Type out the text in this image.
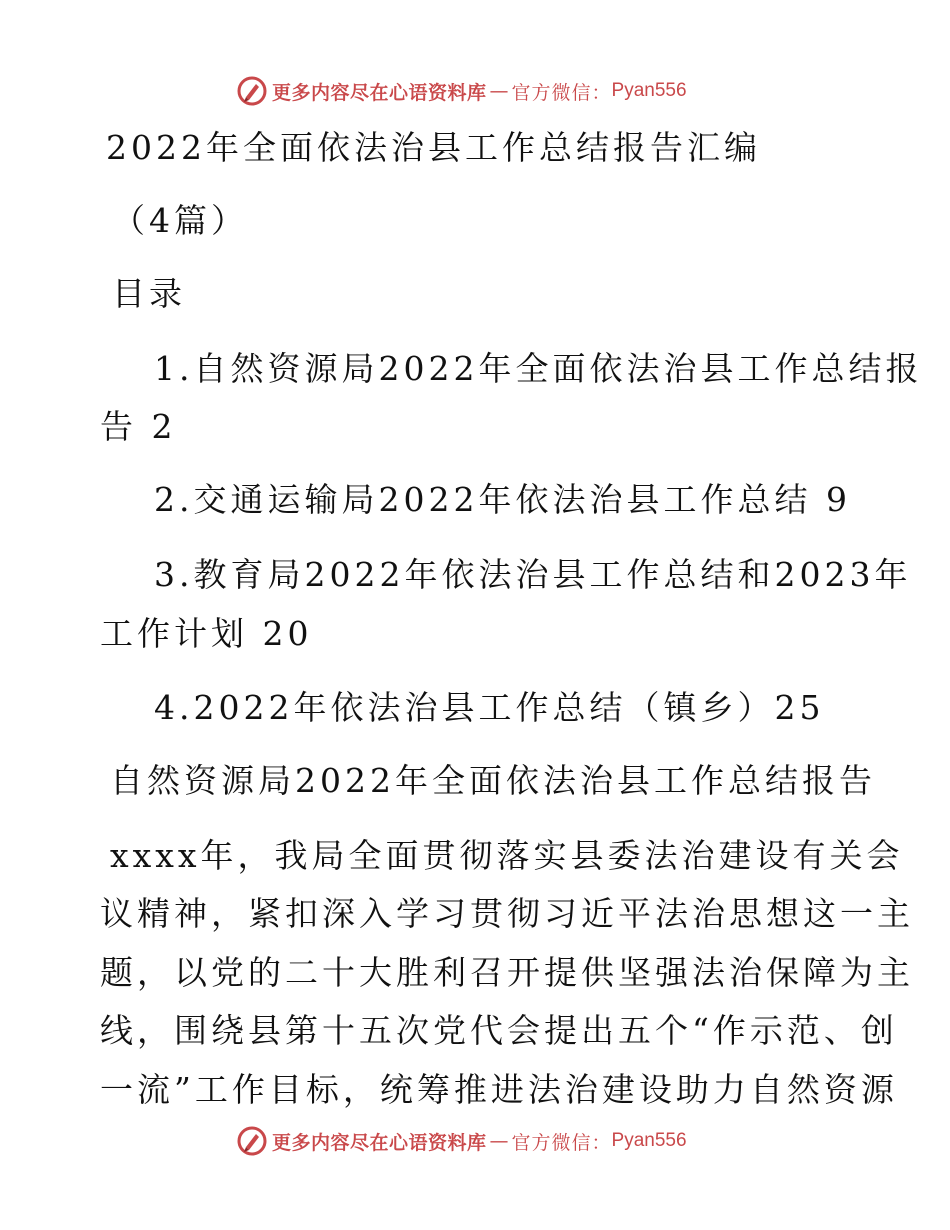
更多内容尽在心语资料库 — 官方微信： Pyan556
2022年全面依法治县工作总结报告汇编
（4篇）
目录
1.自然资源局2022年全面依法治县工作总结报
告 2
2.交通运输局2022年依法治县工作总结 9
3.教育局2022年依法治县工作总结和2023年
工作计划 20
4.2022年依法治县工作总结（镇乡）25
自然资源局2022年全面依法治县工作总结报告
xxxx年，我局全面贯彻落实县委法治建设有关会
议精神，紧扣深入学习贯彻习近平法治思想这一主
题，以党的二十大胜利召开提供坚强法治保障为主
线，围绕县第十五次党代会提出五个“作示范、创
一流”工作目标，统筹推进法治建设助力自然资源
更多内容尽在心语资料库 — 官方微信： Pyan556
